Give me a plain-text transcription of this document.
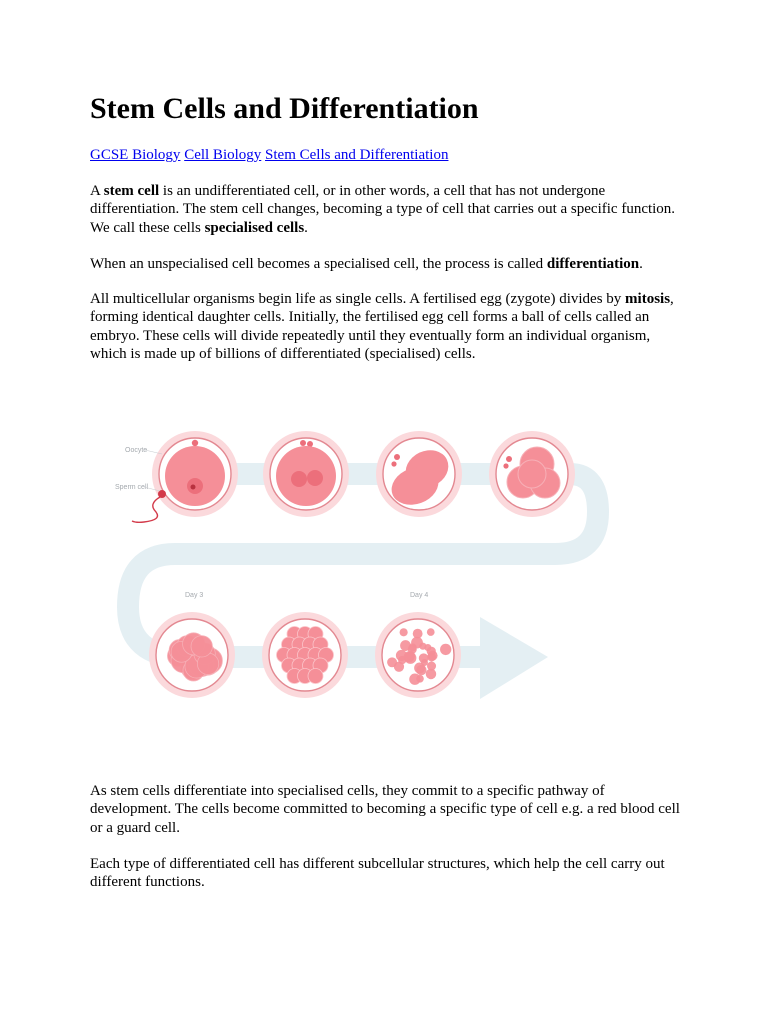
Stem Cells and Differentiation
GCSE Biology Cell Biology Stem Cells and Differentiation

A stem cell is an undifferentiated cell, or in other words, a cell that has not undergone differentiation. The stem cell changes, becoming a type of cell that carries out a specific function. We call these cells specialised cells.

When an unspecialised cell becomes a specialised cell, the process is called differentiation.

All multicellular organisms begin life as single cells. A fertilised egg (zygote) divides by mitosis, forming identical daughter cells. Initially, the fertilised egg cell forms a ball of cells called an embryo. These cells will divide repeatedly until they eventually form an individual organism, which is made up of billions of differentiated (specialised) cells.

As stem cells differentiate into specialised cells, they commit to a specific pathway of development. The cells become committed to becoming a specific type of cell e.g. a red blood cell or a guard cell.

Each type of differentiated cell has different subcellular structures, which help the cell carry out different functions.

Oocyte
Sperm cell
Day 3	Day 4
